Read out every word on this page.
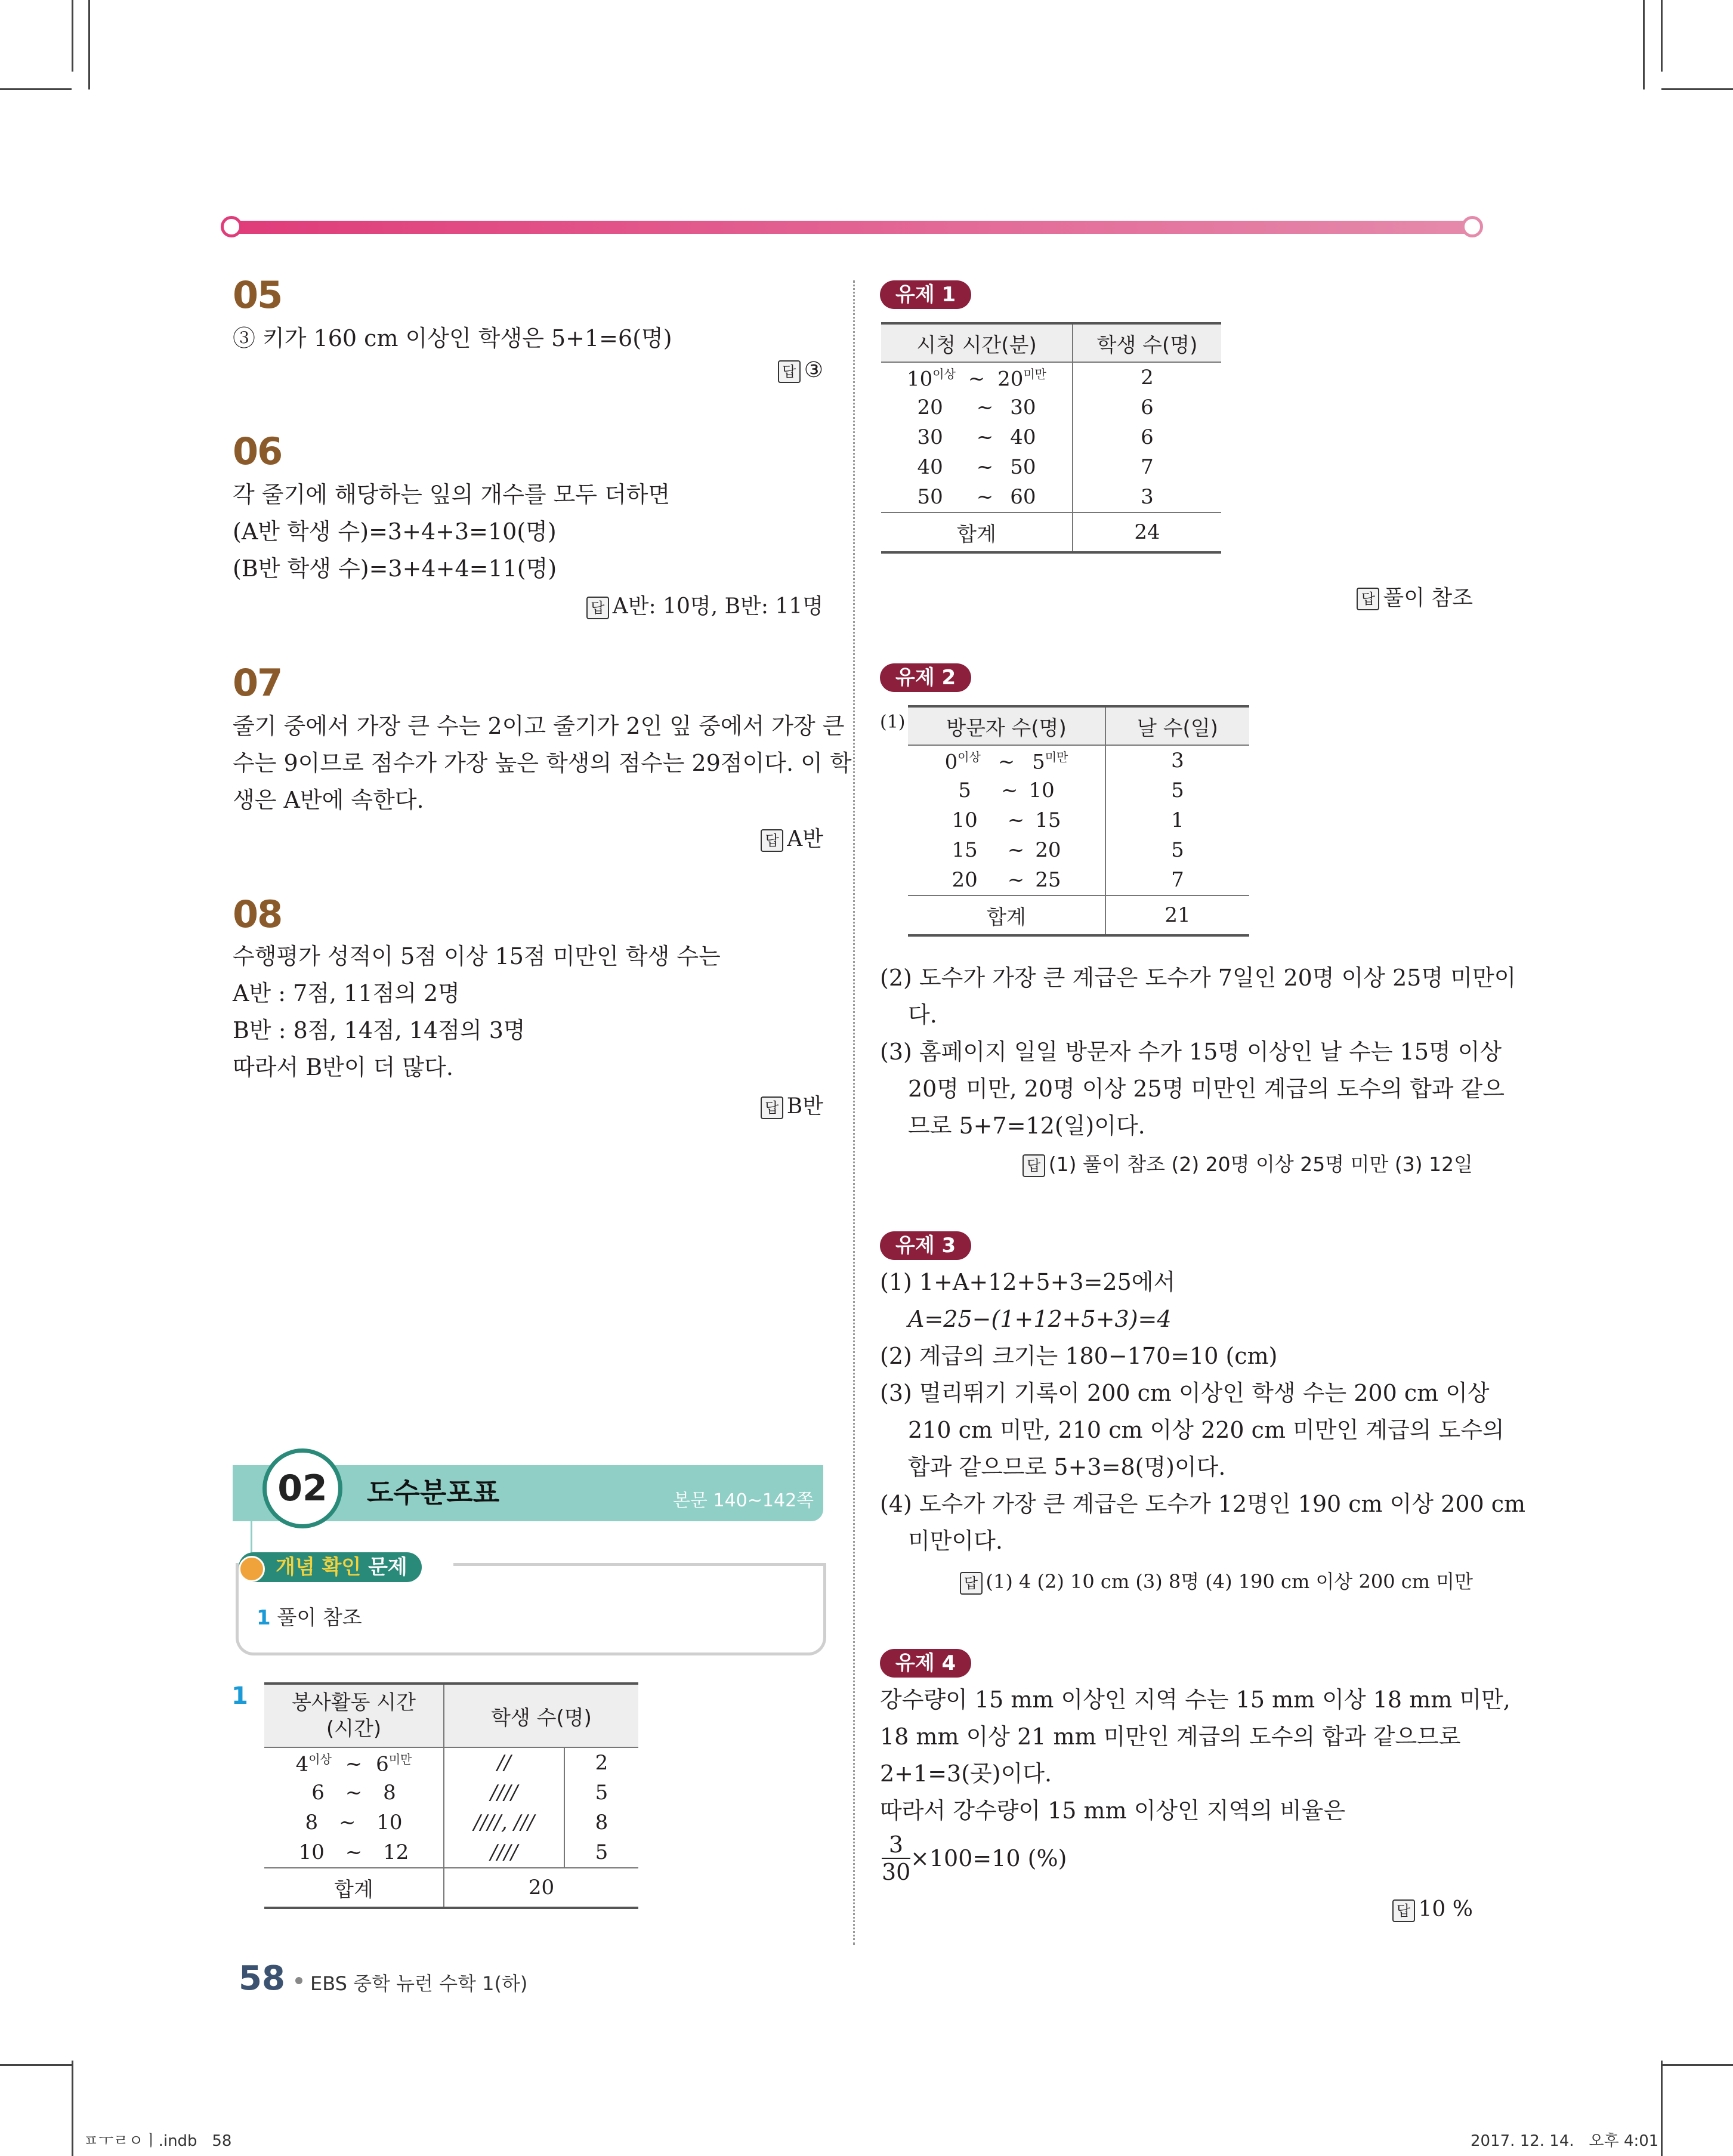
05
③ 키가 160 cm 이상인 학생은 5+1=6(명)
답 ③
06
각 줄기에 해당하는 잎의 개수를 모두 더하면
(A반 학생 수)=3+4+3=10(명)
(B반 학생 수)=3+4+4=11(명)
답 A반: 10명, B반: 11명
07
줄기 중에서 가장 큰 수는 2이고 줄기가 2인 잎 중에서 가장 큰
수는 9이므로 점수가 가장 높은 학생의 점수는 29점이다. 이 학
생은 A반에 속한다.
답 A반
08
수행평가 성적이 5점 이상 15점 미만인 학생 수는
A반 : 7점, 11점의 2명
B반 : 8점, 14점, 14점의 3명
따라서 B반이 더 많다.
답 B반
02	도수분포표	본문 140~142쪽
개념 확인 문제
1 풀이 참조
1 봉사활동 시간
(시간)	학생 수(명)	
$4^{이상}$ ~ $6^{미만}$	//	2
6 ~ 8	////	5
8 ~ 10	////, ///	8
10 ~ 12	////	5
합계	20	
유제 1
시청 시간(분)	학생 수(명)
$10^{이상}$ ~ $20^{미만}$	2
20 ~ 30	6
30 ~ 40	6
40 ~ 50	7
50 ~ 60	3
합계	24
답 풀이 참조
유제 2
(1) 방문자 수(명)	날 수(일)
$0^{이상}$ ~ $5^{미만}$	3
5 ~ 10	5
10 ~ 15	1
15 ~ 20	5
20 ~ 25	7
합계	21
(2) 도수가 가장 큰 계급은 도수가 7일인 20명 이상 25명 미만이
다.
(3) 홈페이지 일일 방문자 수가 15명 이상인 날 수는 15명 이상
20명 미만, 20명 이상 25명 미만인 계급의 도수의 합과 같으
므로 5+7=12(일)이다.
답 (1) 풀이 참조 (2) 20명 이상 25명 미만 (3) 12일
유제 3
(1) 1+A+12+5+3=25에서
A=25−(1+12+5+3)=4
(2) 계급의 크기는 180−170=10 (cm)
(3) 멀리뛰기 기록이 200 cm 이상인 학생 수는 200 cm 이상
210 cm 미만, 210 cm 이상 220 cm 미만인 계급의 도수의
합과 같으므로 5+3=8(명)이다.
(4) 도수가 가장 큰 계급은 도수가 12명인 190 cm 이상 200 cm
미만이다.
답 (1) 4 (2) 10 cm (3) 8명 (4) 190 cm 이상 200 cm 미만
유제 4
강수량이 15 mm 이상인 지역 수는 15 mm 이상 18 mm 미만,
18 mm 이상 21 mm 미만인 계급의 도수의 합과 같으므로
2+1=3(곳)이다.
따라서 강수량이 15 mm 이상인 지역의 비율은
$\frac{3}{30} \times 100=10$ (%)
답 10 %
58 EBS 중학 뉴런 수학 1(하)
ㅍㅜㄹㅇㅣ.indb   58	2017. 12. 14.   오후 4:01
